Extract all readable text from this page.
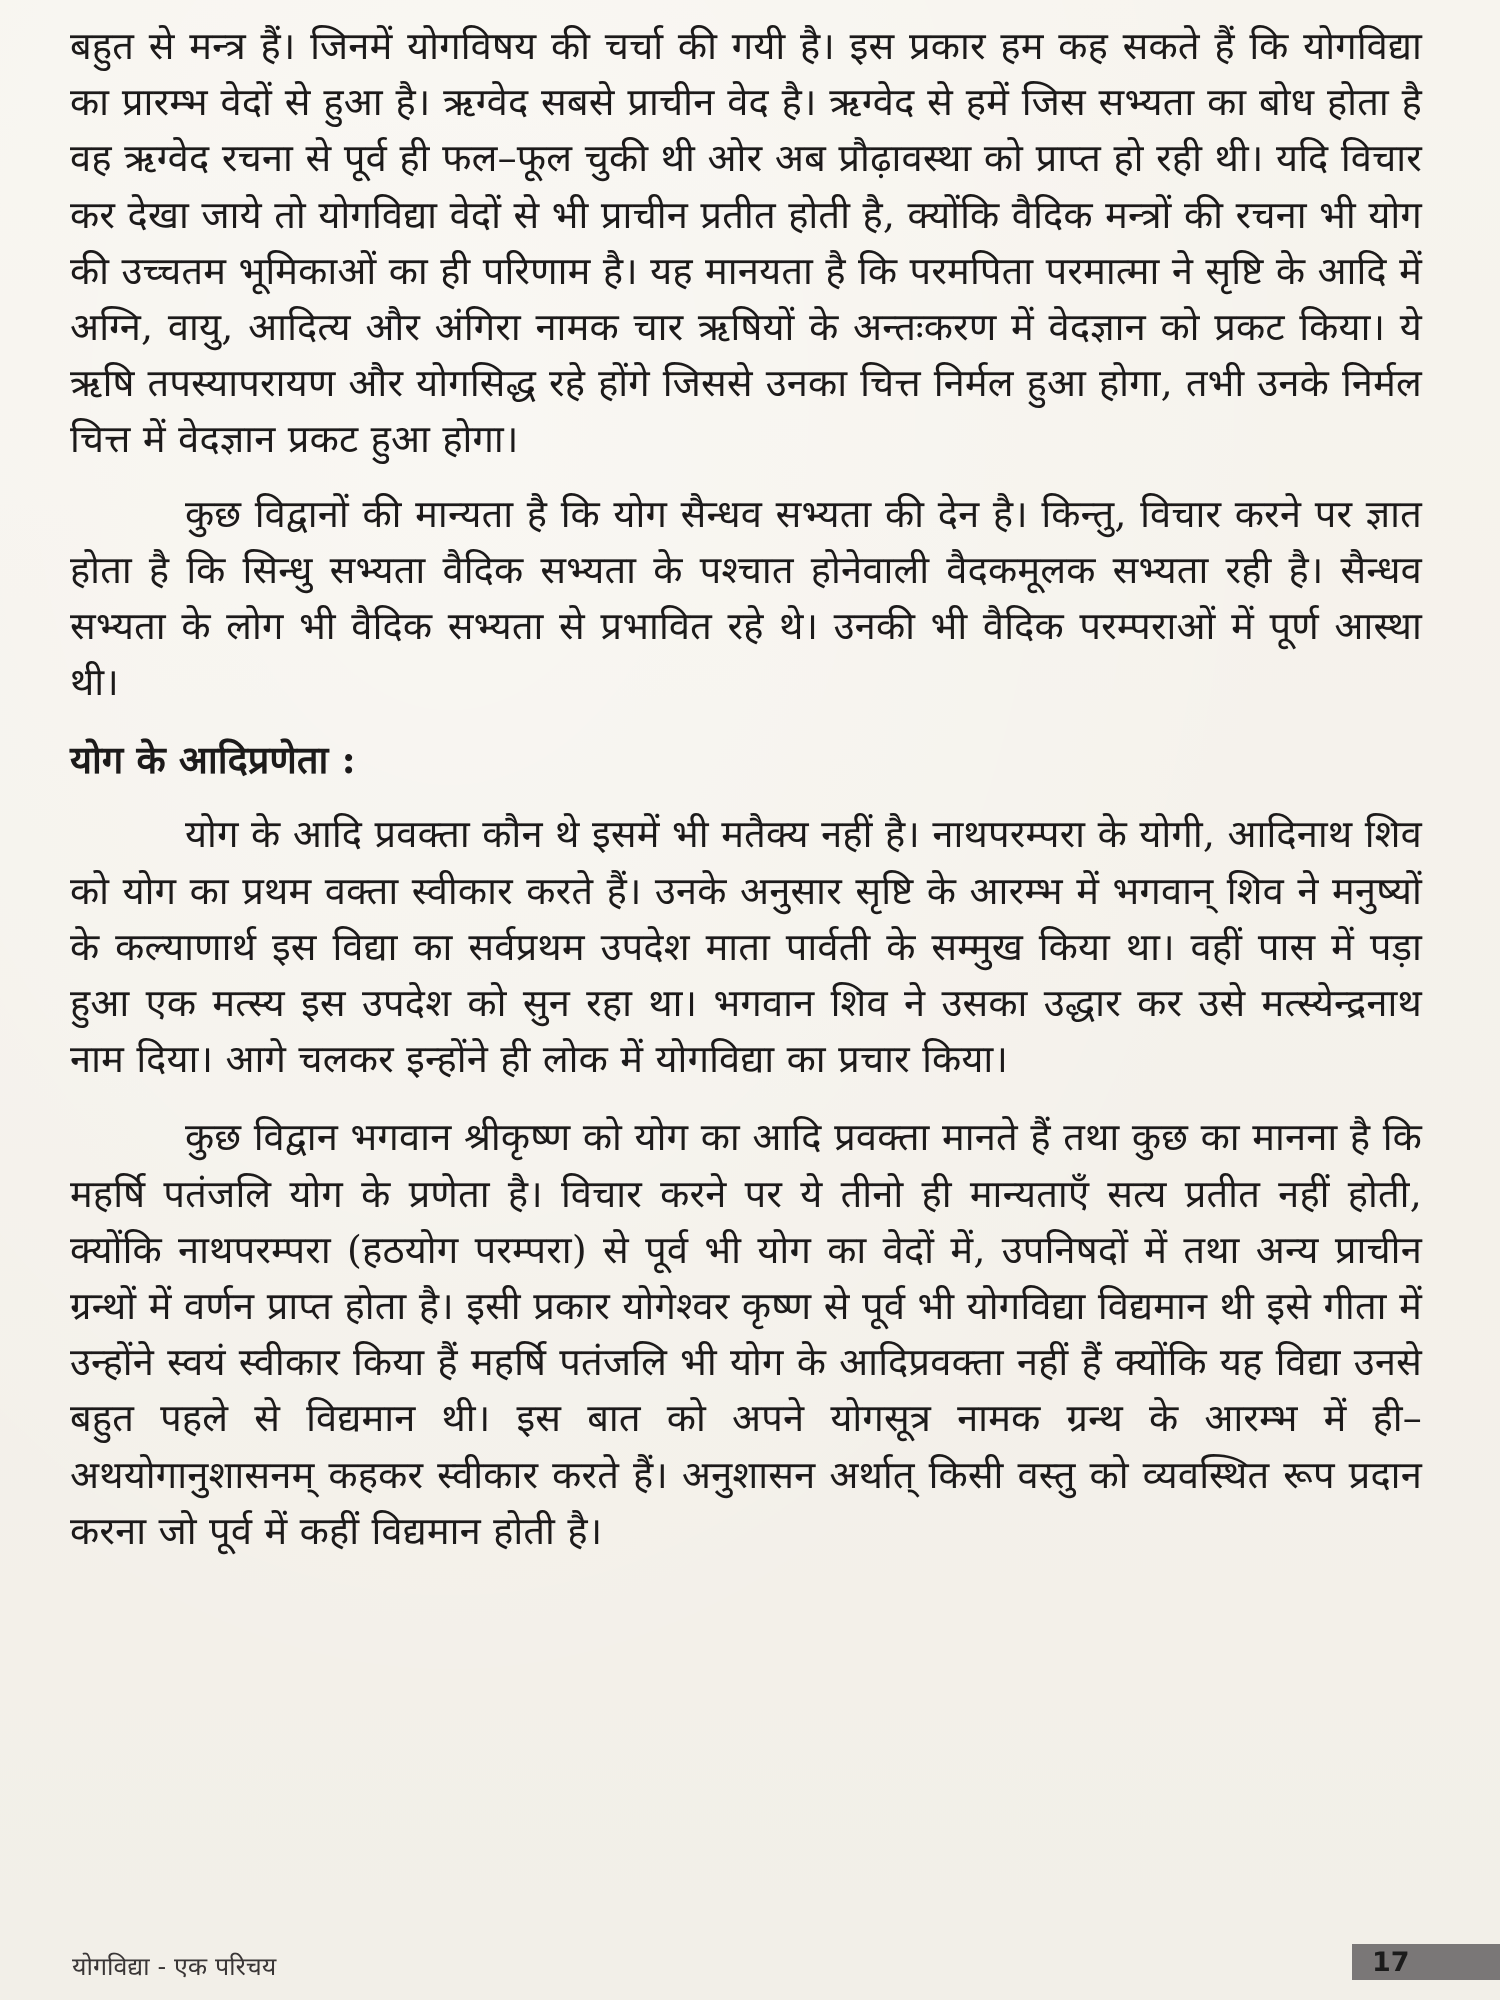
बहुत से मन्त्र हैं। जिनमें योगविषय की चर्चा की गयी है। इस प्रकार हम कह सकते हैं कि योगविद्या का प्रारम्भ वेदों से हुआ है। ऋग्वेद सबसे प्राचीन वेद है। ऋग्वेद से हमें जिस सभ्यता का बोध होता है वह ऋग्वेद रचना से पूर्व ही फल–फूल चुकी थी ओर अब प्रौढ़ावस्था को प्राप्त हो रही थी। यदि विचार कर देखा जाये तो योगविद्या वेदों से भी प्राचीन प्रतीत होती है, क्योंकि वैदिक मन्त्रों की रचना भी योग की उच्चतम भूमिकाओं का ही परिणाम है। यह मानयता है कि परमपिता परमात्मा ने सृष्टि के आदि में अग्नि, वायु, आदित्य और अंगिरा नामक चार ऋषियों के अन्तःकरण में वेदज्ञान को प्रकट किया। ये ऋषि तपस्यापरायण और योगसिद्ध रहे होंगे जिससे उनका चित्त निर्मल हुआ होगा, तभी उनके निर्मल चित्त में वेदज्ञान प्रकट हुआ होगा।

कुछ विद्वानों की मान्यता है कि योग सैन्धव सभ्यता की देन है। किन्तु, विचार करने पर ज्ञात होता है कि सिन्धु सभ्यता वैदिक सभ्यता के पश्चात होनेवाली वैदकमूलक सभ्यता रही है। सैन्धव सभ्यता के लोग भी वैदिक सभ्यता से प्रभावित रहे थे। उनकी भी वैदिक परम्पराओं में पूर्ण आस्था थी।

योग के आदिप्रणेता :

योग के आदि प्रवक्ता कौन थे इसमें भी मतैक्य नहीं है। नाथपरम्परा के योगी, आदिनाथ शिव को योग का प्रथम वक्ता स्वीकार करते हैं। उनके अनुसार सृष्टि के आरम्भ में भगवान् शिव ने मनुष्यों के कल्याणार्थ इस विद्या का सर्वप्रथम उपदेश माता पार्वती के सम्मुख किया था। वहीं पास में पड़ा हुआ एक मत्स्य इस उपदेश को सुन रहा था। भगवान शिव ने उसका उद्धार कर उसे मत्स्येन्द्रनाथ नाम दिया। आगे चलकर इन्होंने ही लोक में योगविद्या का प्रचार किया।

कुछ विद्वान भगवान श्रीकृष्ण को योग का आदि प्रवक्ता मानते हैं तथा कुछ का मानना है कि महर्षि पतंजलि योग के प्रणेता है। विचार करने पर ये तीनो ही मान्यताएँ सत्य प्रतीत नहीं होती, क्योंकि नाथपरम्परा (हठयोग परम्परा) से पूर्व भी योग का वेदों में, उपनिषदों में तथा अन्य प्राचीन ग्रन्थों में वर्णन प्राप्त होता है। इसी प्रकार योगेश्वर कृष्ण से पूर्व भी योगविद्या विद्यमान थी इसे गीता में उन्होंने स्वयं स्वीकार किया हैं महर्षि पतंजलि भी योग के आदिप्रवक्ता नहीं हैं क्योंकि यह विद्या उनसे बहुत पहले से विद्यमान थी। इस बात को अपने योगसूत्र नामक ग्रन्थ के आरम्भ में ही–अथयोगानुशासनम् कहकर स्वीकार करते हैं। अनुशासन अर्थात् किसी वस्तु को व्यवस्थित रूप प्रदान करना जो पूर्व में कहीं विद्यमान होती है।

योगविद्या - एक परिचय	17
